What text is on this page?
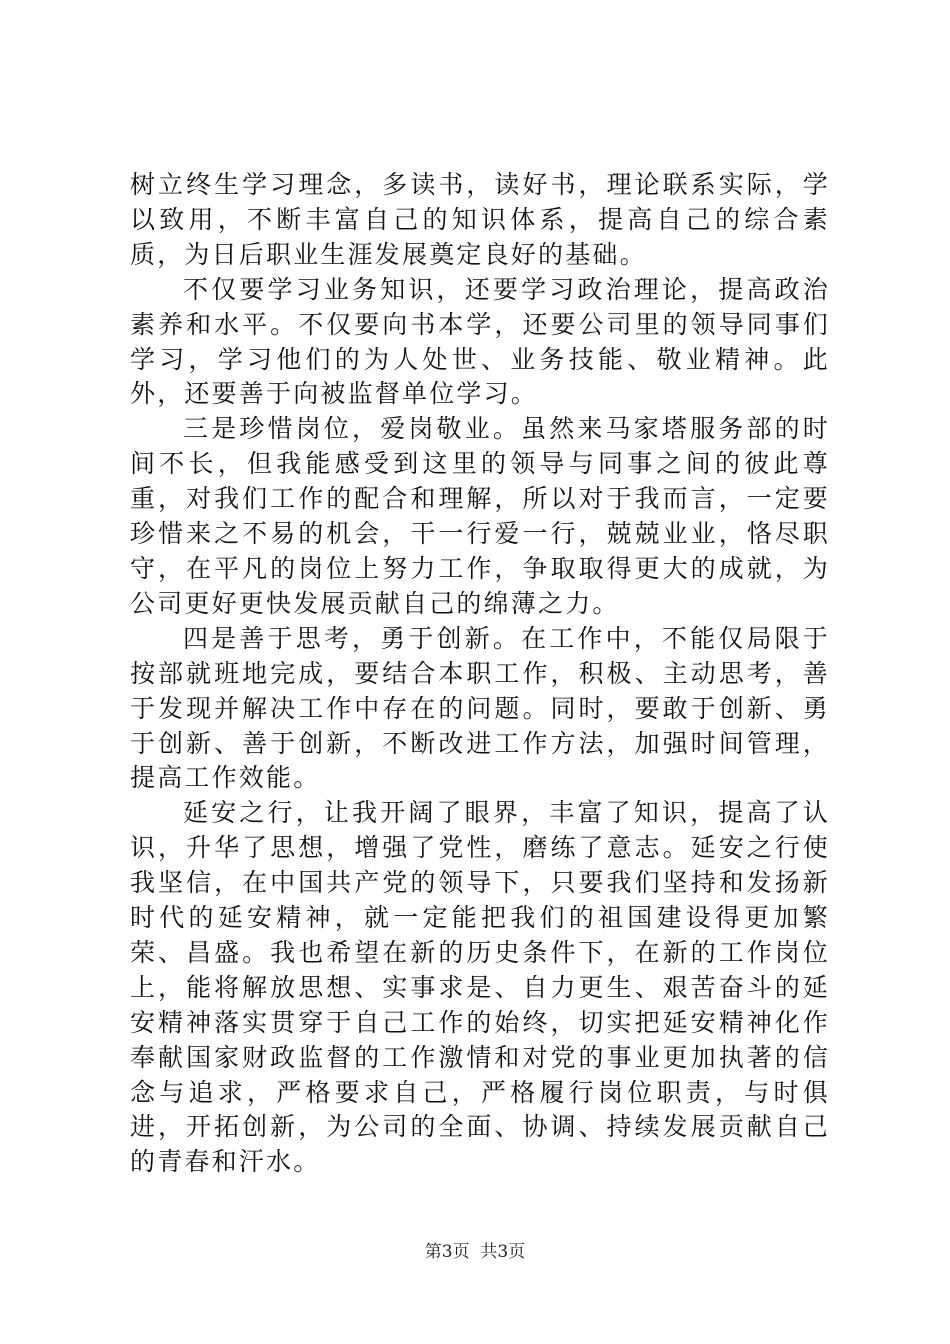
树立终生学习理念，多读书，读好书，理论联系实际，学以致用，不断丰富自己的知识体系，提高自己的综合素质，为日后职业生涯发展奠定良好的基础。

不仅要学习业务知识，还要学习政治理论，提高政治素养和水平。不仅要向书本学，还要公司里的领导同事们学习，学习他们的为人处世、业务技能、敬业精神。此外，还要善于向被监督单位学习。

三是珍惜岗位，爱岗敬业。虽然来马家塔服务部的时间不长，但我能感受到这里的领导与同事之间的彼此尊重，对我们工作的配合和理解，所以对于我而言，一定要珍惜来之不易的机会，干一行爱一行，兢兢业业，恪尽职守，在平凡的岗位上努力工作，争取取得更大的成就，为公司更好更快发展贡献自己的绵薄之力。

四是善于思考，勇于创新。在工作中，不能仅局限于按部就班地完成，要结合本职工作，积极、主动思考，善于发现并解决工作中存在的问题。同时，要敢于创新、勇于创新、善于创新，不断改进工作方法，加强时间管理，提高工作效能。

延安之行，让我开阔了眼界，丰富了知识，提高了认识，升华了思想，增强了党性，磨练了意志。延安之行使我坚信，在中国共产党的领导下，只要我们坚持和发扬新时代的延安精神，就一定能把我们的祖国建设得更加繁荣、昌盛。我也希望在新的历史条件下，在新的工作岗位上，能将解放思想、实事求是、自力更生、艰苦奋斗的延安精神落实贯穿于自己工作的始终，切实把延安精神化作奉献国家财政监督的工作激情和对党的事业更加执著的信念与追求，严格要求自己，严格履行岗位职责，与时俱进，开拓创新，为公司的全面、协调、持续发展贡献自己的青春和汗水。

第3页  共3页
